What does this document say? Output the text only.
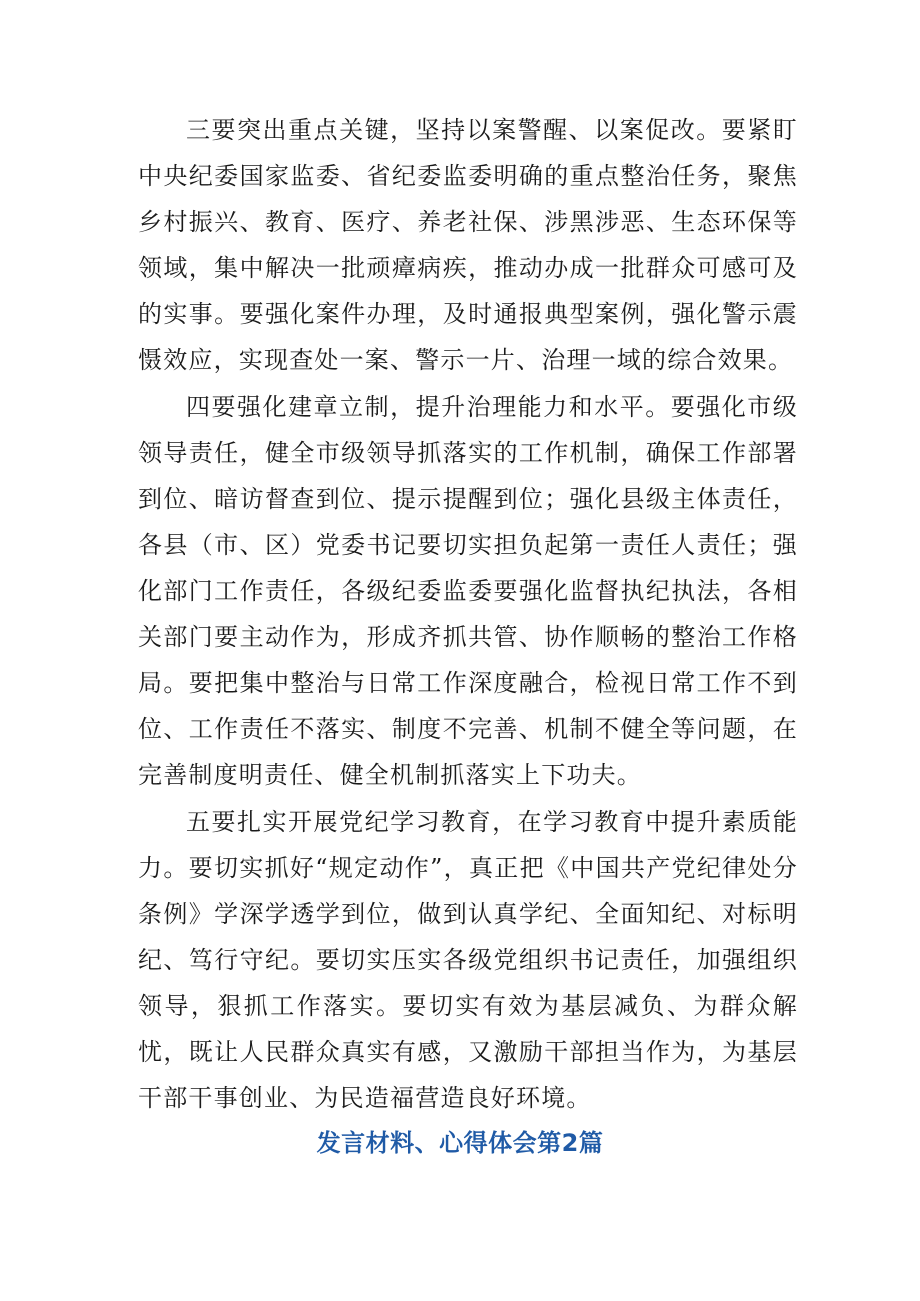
三要突出重点关键，坚持以案警醒、以案促改。要紧盯中央纪委国家监委、省纪委监委明确的重点整治任务，聚焦乡村振兴、教育、医疗、养老社保、涉黑涉恶、生态环保等领域，集中解决一批顽瘴病疾，推动办成一批群众可感可及的实事。要强化案件办理，及时通报典型案例，强化警示震慑效应，实现查处一案、警示一片、治理一域的综合效果。

四要强化建章立制，提升治理能力和水平。要强化市级领导责任，健全市级领导抓落实的工作机制，确保工作部署到位、暗访督查到位、提示提醒到位；强化县级主体责任，各县（市、区）党委书记要切实担负起第一责任人责任；强化部门工作责任，各级纪委监委要强化监督执纪执法，各相关部门要主动作为，形成齐抓共管、协作顺畅的整治工作格局。要把集中整治与日常工作深度融合，检视日常工作不到位、工作责任不落实、制度不完善、机制不健全等问题，在完善制度明责任、健全机制抓落实上下功夫。

五要扎实开展党纪学习教育，在学习教育中提升素质能力。要切实抓好“规定动作”，真正把《中国共产党纪律处分条例》学深学透学到位，做到认真学纪、全面知纪、对标明纪、笃行守纪。要切实压实各级党组织书记责任，加强组织领导，狠抓工作落实。要切实有效为基层减负、为群众解忧，既让人民群众真实有感，又激励干部担当作为，为基层干部干事创业、为民造福营造良好环境。

发言材料、心得体会第2篇
